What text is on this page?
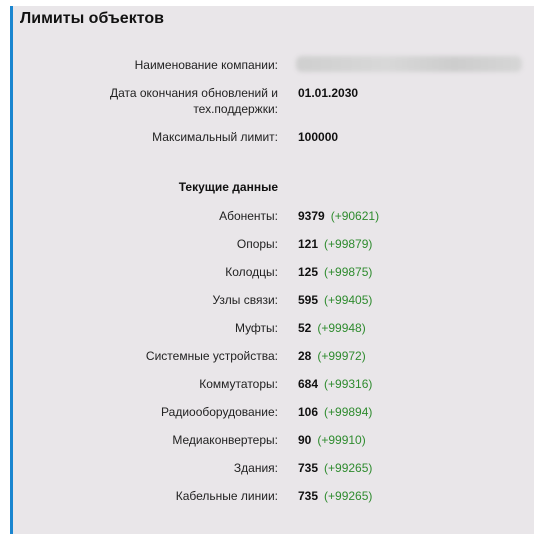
Лимиты объектов
Наименование компании:
Дата окончания обновлений и тех.поддержки:
01.01.2030
Максимальный лимит: 100000
Текущие данные
Абоненты: 9379 (+90621)
Опоры: 121 (+99879)
Колодцы: 125 (+99875)
Узлы связи: 595 (+99405)
Муфты: 52 (+99948)
Системные устройства: 28 (+99972)
Коммутаторы: 684 (+99316)
Радиооборудование: 106 (+99894)
Медиаконвертеры: 90 (+99910)
Здания: 735 (+99265)
Кабельные линии: 735 (+99265)
